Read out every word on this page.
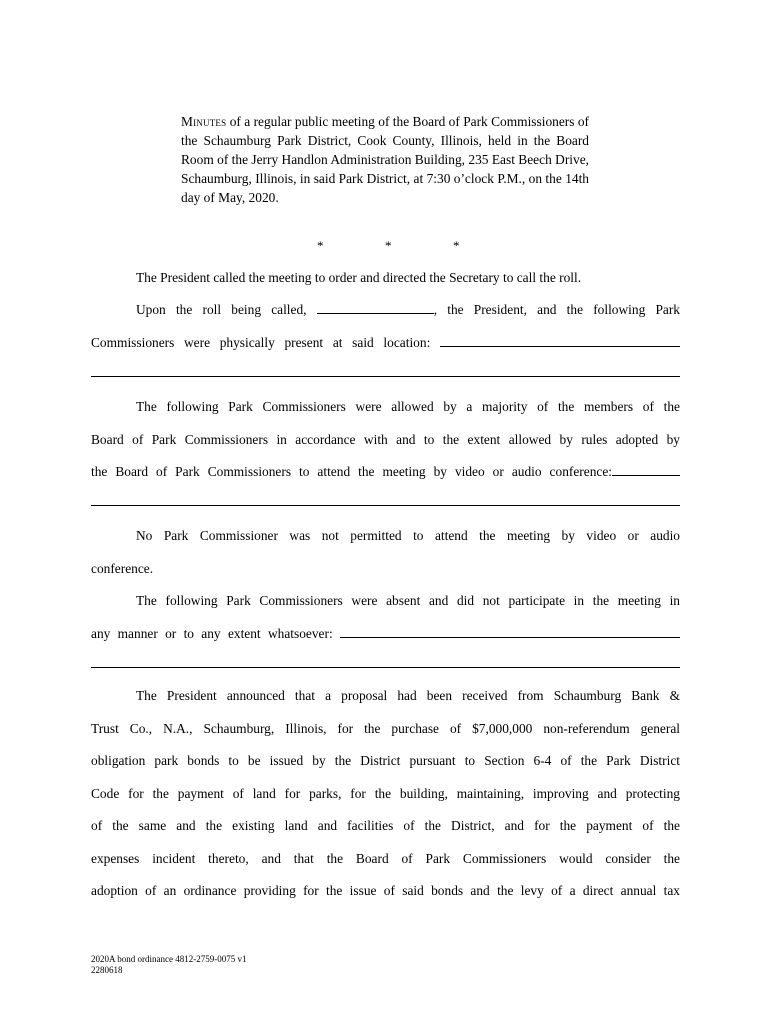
Minutes of a regular public meeting of the Board of Park Commissioners of the Schaumburg Park District, Cook County, Illinois, held in the Board Room of the Jerry Handlon Administration Building, 235 East Beech Drive, Schaumburg, Illinois, in said Park District, at 7:30 o’clock P.M., on the 14th day of May, 2020.
*	*	*

The President called the meeting to order and directed the Secretary to call the roll.

Upon the roll being called,	, the President, and the following Park

Commissioners were physically present at said location:

The following Park Commissioners were allowed by a majority of the members of the

Board of Park Commissioners in accordance with and to the extent allowed by rules adopted by

the Board of Park Commissioners to attend the meeting by video or audio conference:

No Park Commissioner was not permitted to attend the meeting by video or audio

conference.

The following Park Commissioners were absent and did not participate in the meeting in

any manner or to any extent whatsoever:

The President announced that a proposal had been received from Schaumburg Bank &

Trust Co., N.A., Schaumburg, Illinois, for the purchase of $7,000,000 non-referendum general

obligation park bonds to be issued by the District pursuant to Section 6-4 of the Park District

Code for the payment of land for parks, for the building, maintaining, improving and protecting

of the same and the existing land and facilities of the District, and for the payment of the

expenses incident thereto, and that the Board of Park Commissioners would consider the

adoption of an ordinance providing for the issue of said bonds and the levy of a direct annual tax

2020A bond ordinance 4812-2759-0075 v1
2280618
